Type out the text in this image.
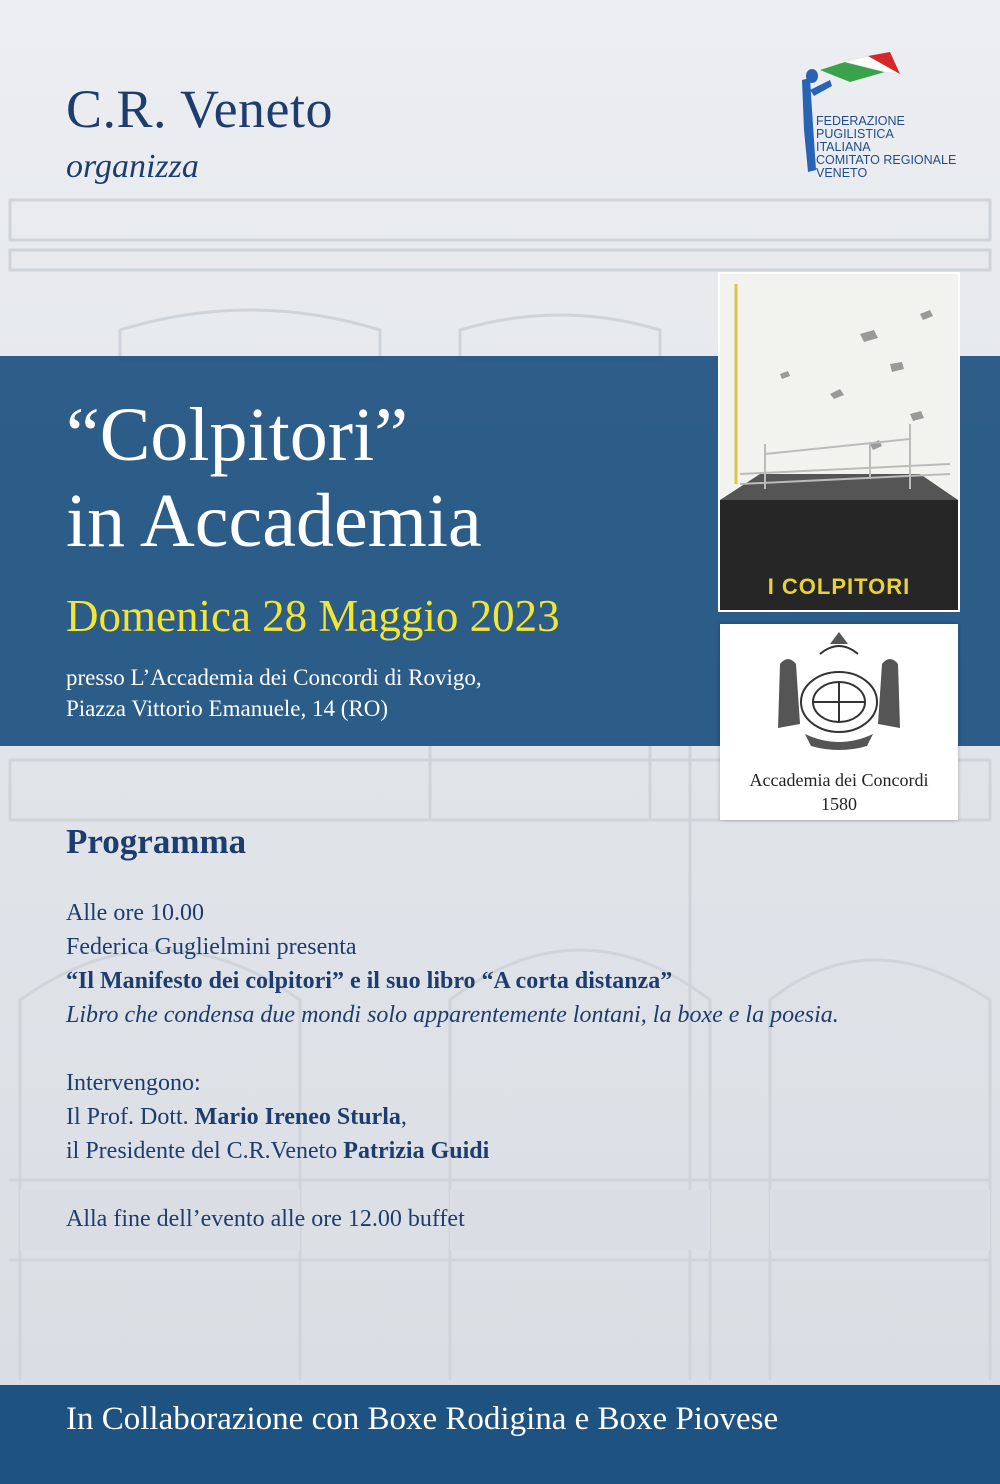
C.R. Veneto
organizza
FEDERAZIONE
PUGILISTICA
ITALIANA
COMITATO REGIONALE
VENETO
“Colpitori”
in Accademia
Domenica 28 Maggio 2023
presso L’Accademia dei Concordi di Rovigo,
Piazza Vittorio Emanuele, 14 (RO)
I COLPITORI
Accademia dei Concordi
1580
Programma
Alle ore 10.00
Federica Guglielmini presenta
“Il Manifesto dei colpitori” e il suo libro “A corta distanza”
Libro che condensa due mondi solo apparentemente lontani, la boxe e la poesia.
Intervengono:
Il Prof. Dott. Mario Ireneo Sturla,
il Presidente del C.R.Veneto Patrizia Guidi
Alla fine dell’evento alle ore 12.00 buffet
In Collaborazione con Boxe Rodigina e Boxe Piovese
